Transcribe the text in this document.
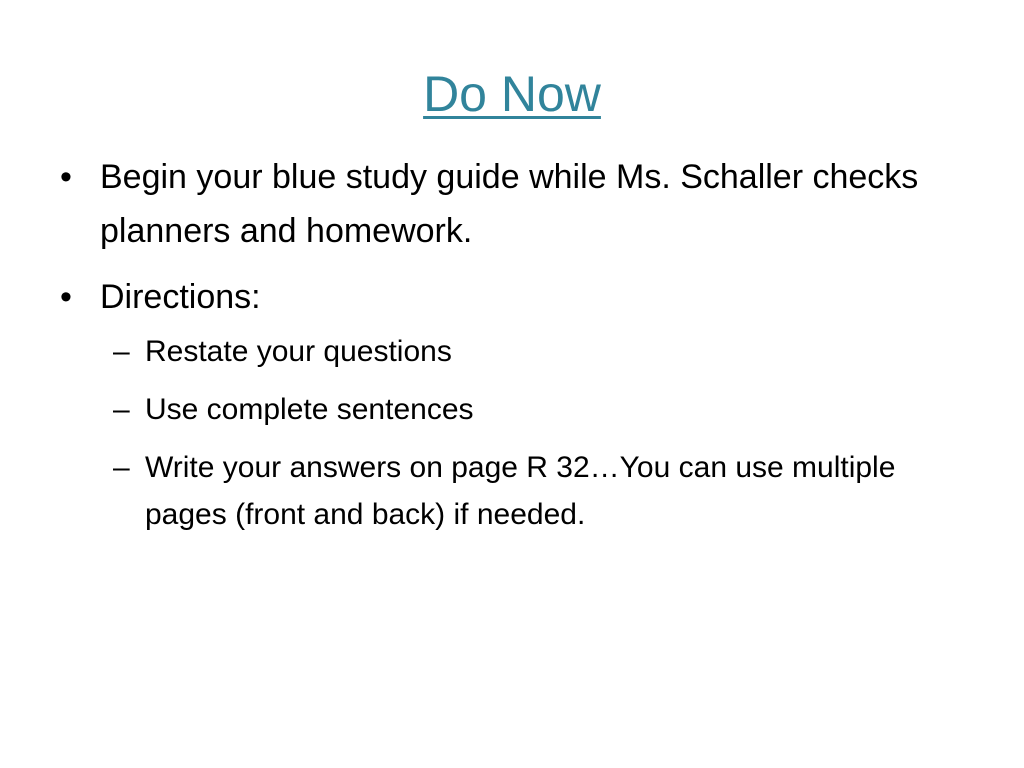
Do Now
• Begin your blue study guide while Ms. Schaller checks planners and homework.
• Directions:
– Restate your questions
– Use complete sentences
– Write your answers on page R 32…You can use multiple pages (front and back) if needed.
